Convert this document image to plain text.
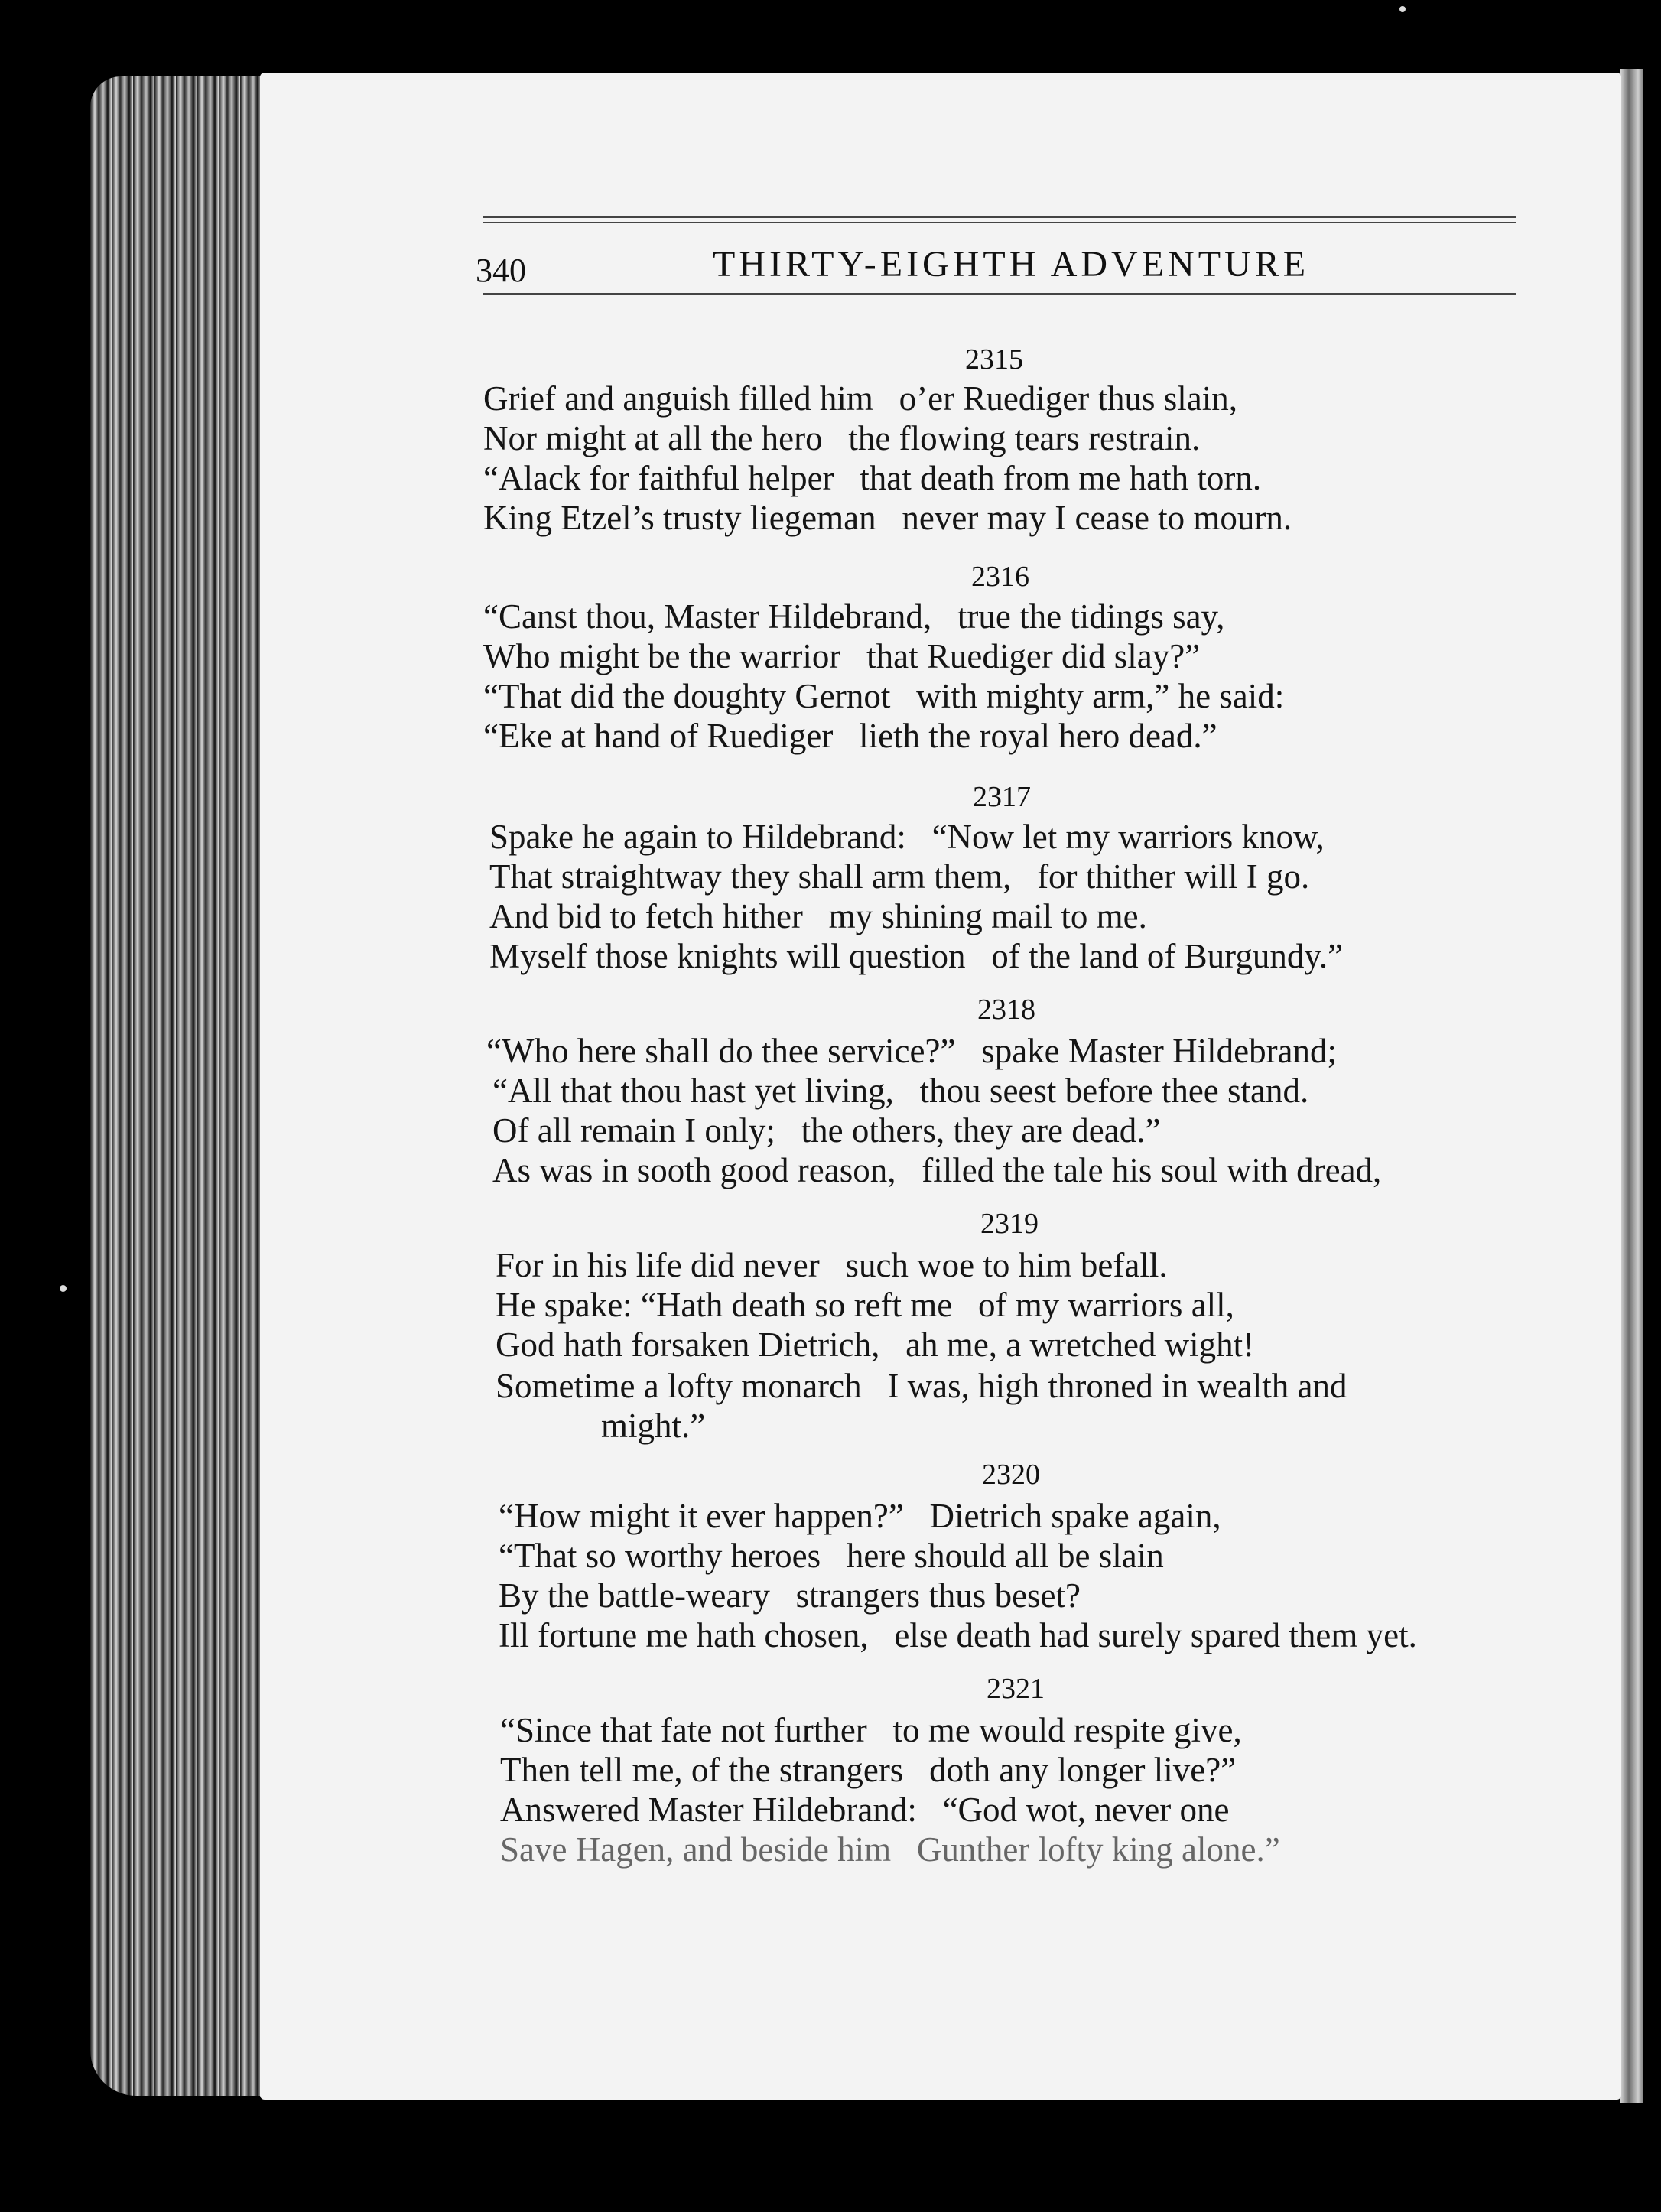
340	THIRTY-EIGHTH ADVENTURE
2315
Grief and anguish filled him   o’er Ruediger thus slain,
Nor might at all the hero   the flowing tears restrain.
“Alack for faithful helper   that death from me hath torn.
King Etzel’s trusty liegeman   never may I cease to mourn.
2316
“Canst thou, Master Hildebrand,   true the tidings say,
Who might be the warrior   that Ruediger did slay?”
“That did the doughty Gernot   with mighty arm,” he said:
“Eke at hand of Ruediger   lieth the royal hero dead.”
2317
Spake he again to Hildebrand:   “Now let my warriors know,
That straightway they shall arm them,   for thither will I go.
And bid to fetch hither   my shining mail to me.
Myself those knights will question   of the land of Burgundy.”
2318
“Who here shall do thee service?”   spake Master Hildebrand;
“All that thou hast yet living,   thou seest before thee stand.
Of all remain I only;   the others, they are dead.”
As was in sooth good reason,   filled the tale his soul with dread,
2319
For in his life did never   such woe to him befall.
He spake: “Hath death so reft me   of my warriors all,
God hath forsaken Dietrich,   ah me, a wretched wight!
Sometime a lofty monarch   I was, high throned in wealth and
might.”
2320
“How might it ever happen?”   Dietrich spake again,
“That so worthy heroes   here should all be slain
By the battle-weary   strangers thus beset?
Ill fortune me hath chosen,   else death had surely spared them yet.
2321
“Since that fate not further   to me would respite give,
Then tell me, of the strangers   doth any longer live?”
Answered Master Hildebrand:   “God wot, never one
Save Hagen, and beside him   Gunther lofty king alone.”
